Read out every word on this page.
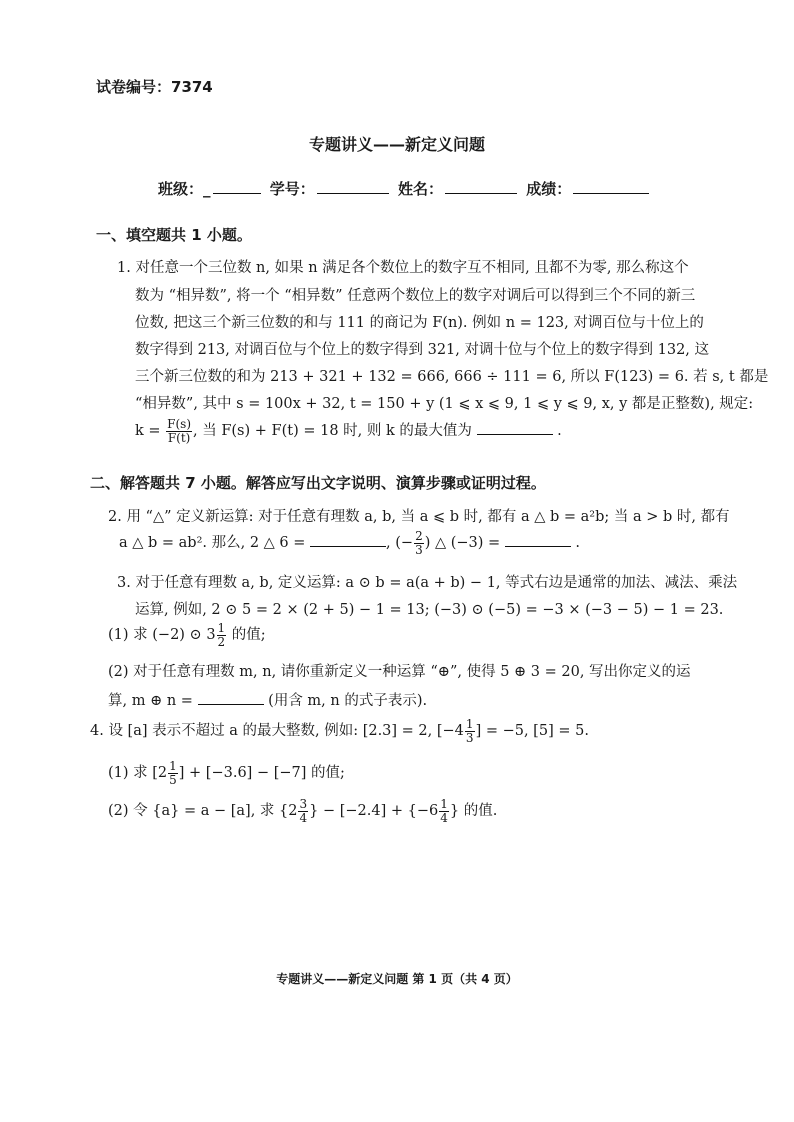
试卷编号：7374
专题讲义——新定义问题
班级：_	学号：	姓名：	成绩：
一、填空题共 1 小题。
1. 对任意一个三位数 n, 如果 n 满足各个数位上的数字互不相同, 且都不为零, 那么称这个
数为 “相异数”, 将一个 “相异数” 任意两个数位上的数字对调后可以得到三个不同的新三
位数, 把这三个新三位数的和与 111 的商记为 F(n). 例如 n = 123, 对调百位与十位上的
数字得到 213, 对调百位与个位上的数字得到 321, 对调十位与个位上的数字得到 132, 这
三个新三位数的和为 213 + 321 + 132 = 666, 666 ÷ 111 = 6, 所以 F(123) = 6. 若 s, t 都是
“相异数”, 其中 s = 100x + 32, t = 150 + y (1 ⩽ x ⩽ 9, 1 ⩽ y ⩽ 9, x, y 都是正整数), 规定:
$k = \frac{F(s)}{F(t)}$ , 当 F(s) + F(t) = 18 时, 则 k 的最大值为	.
二、解答题共 7 小题。解答应写出文字说明、演算步骤或证明过程。
2. 用 “△” 定义新运算: 对于任意有理数 a, b, 当 a ⩽ b 时, 都有 a △ b = a²b; 当 a > b 时, 都有
a △ b = ab². 那么, 2 △ 6 =	, (− $\frac{2}{3}$ ) △ (−3) =	.
3. 对于任意有理数 a, b, 定义运算: a ⊙ b = a(a + b) − 1, 等式右边是通常的加法、减法、乘法
运算, 例如, 2 ⊙ 5 = 2 × (2 + 5) − 1 = 13; (−3) ⊙ (−5) = −3 × (−3 − 5) − 1 = 23.
(1) 求 (−2) ⊙ $3 \frac{1}{2}$ 的值;
(2) 对于任意有理数 m, n, 请你重新定义一种运算 “⊕”, 使得 5 ⊕ 3 = 20, 写出你定义的运
算, m ⊕ n =	(用含 m, n 的式子表示).
4. 设 [a] 表示不超过 a 的最大整数, 例如: [2.3] = 2, [$-4 \frac{1}{3}$ ] = −5, [5] = 5.
(1) 求 [$2 \frac{1}{5}$ ] + [−3.6] − [−7] 的值;
(2) 令 {a} = a − [a], 求 {$2 \frac{3}{4}$ } − $[-2.4] + \{-6 \frac{1}{4}$ } 的值.
专题讲义——新定义问题 第 1 页（共 4 页）
